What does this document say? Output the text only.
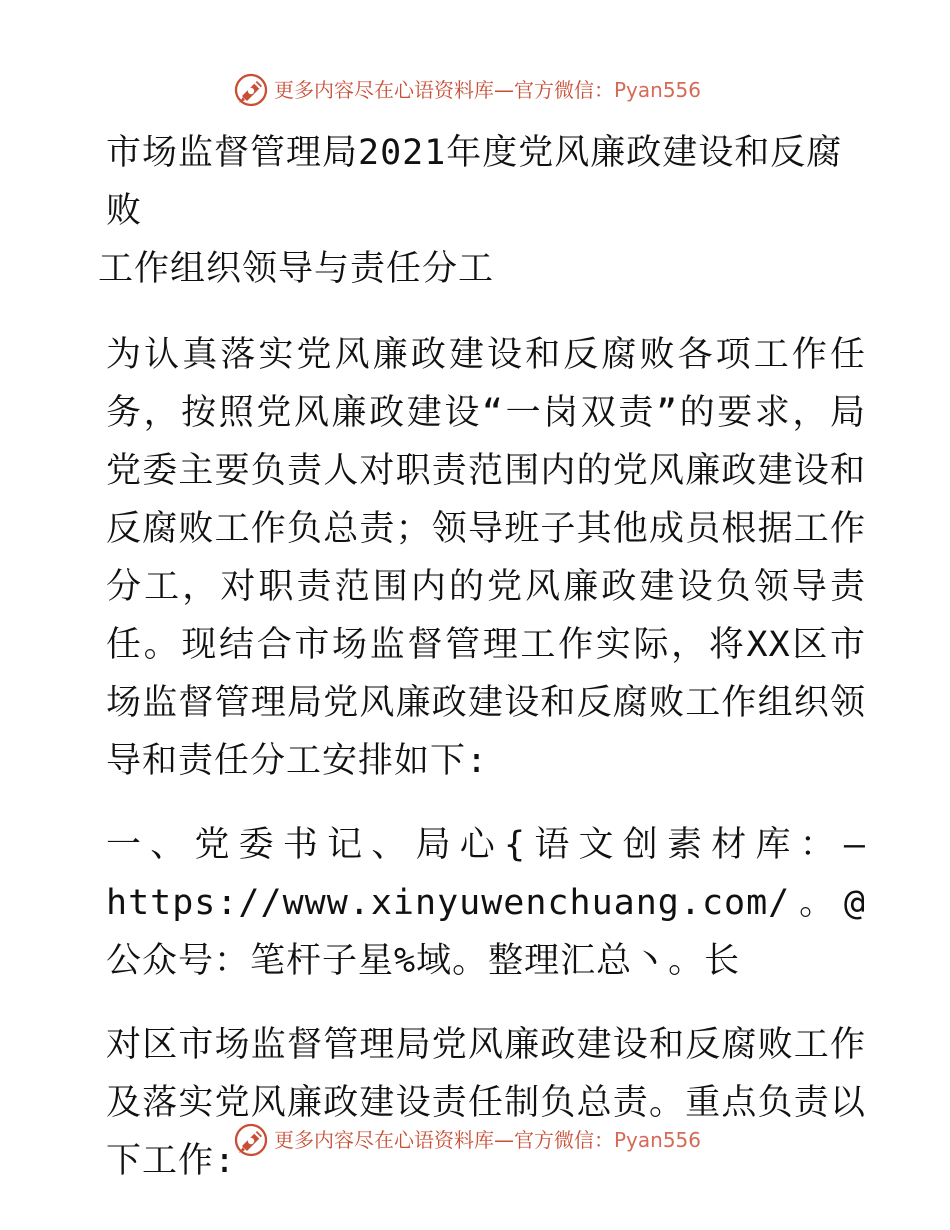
更多内容尽在心语资料库—官方微信： Pyan556
市场监督管理局2021年度党风廉政建设和反腐败
工作组织领导与责任分工

为认真落实党风廉政建设和反腐败各项工作任务，按照党风廉政建设“一岗双责”的要求，局党委主要负责人对职责范围内的党风廉政建设和反腐败工作负总责；领导班子其他成员根据工作分工，对职责范围内的党风廉政建设负领导责任。现结合市场监督管理工作实际，将XX区市场监督管理局党风廉政建设和反腐败工作组织领导和责任分工安排如下:

一、党委书记、局心{语文创素材库：—https://www.xinyuwenchuang.com/。@公众号：笔杆子星%域。整理汇总丶。长

对区市场监督管理局党风廉政建设和反腐败工作及落实党风廉政建设责任制负总责。重点负责以下工作:

更多内容尽在心语资料库—官方微信： Pyan556
